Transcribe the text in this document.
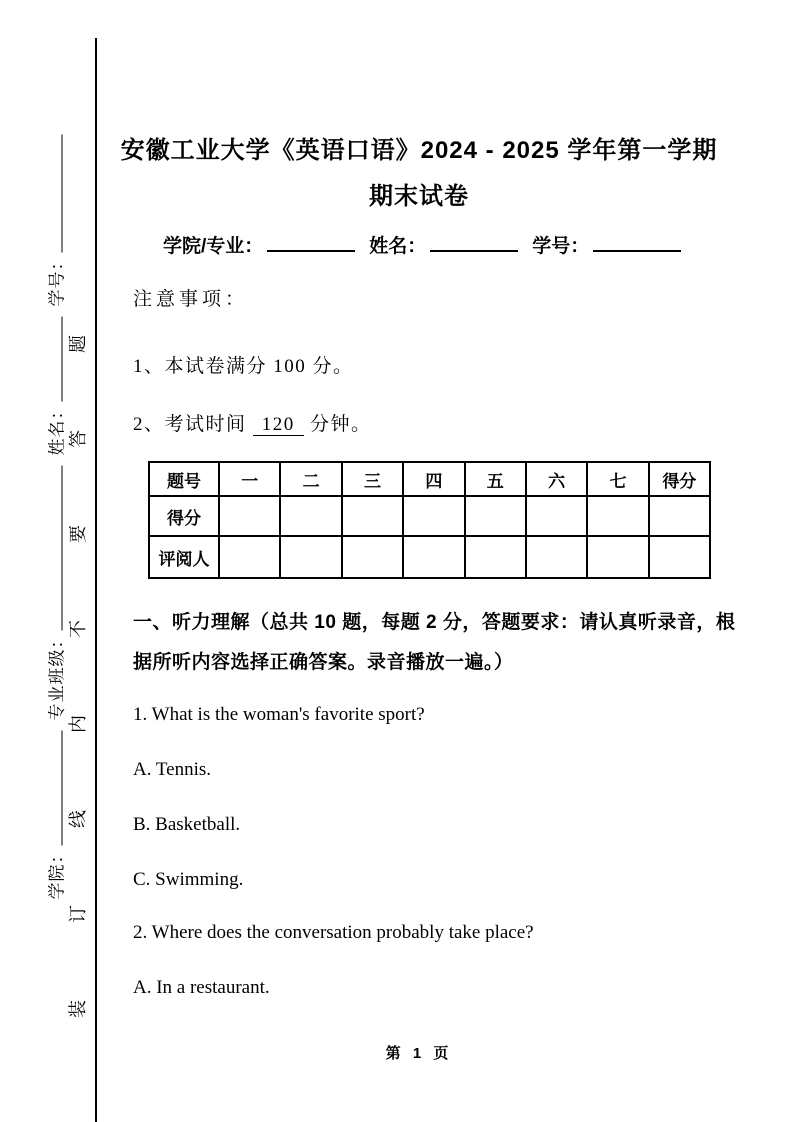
学院：专业班级：姓名：学号： 装订线内不要答题
安徽工业大学《英语口语》2024 - 2025 学年第一学期
期末试卷
学院/专业：	姓名：	学号：
注意事项：
1、本试卷满分 100 分。
2、考试时间 120 分钟。
题号	一	二	三	四	五	六	七	得分
得分								
评阅人								
一、听力理解（总共 10 题，每题 2 分，答题要求：请认真听录音，根
据所听内容选择正确答案。录音播放一遍。）
1. What is the woman's favorite sport?
A. Tennis.
B. Basketball.
C. Swimming.
2. Where does the conversation probably take place?
A. In a restaurant.
第 1 页
